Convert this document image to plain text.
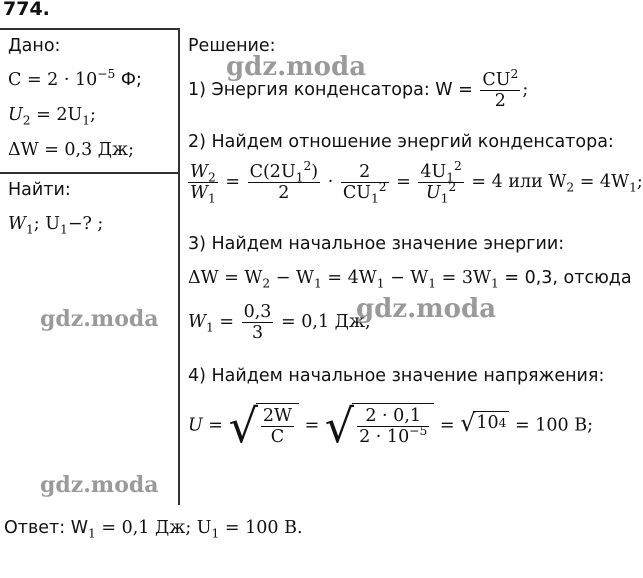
774.
Дано:
$C = 2 \cdot 10^{-5}$ Ф;
$U_2 = 2U_1$;
ΔW = 0,3 Дж;
Найти:
$W_1$; $U_1-$? ;
Решение:
1) Энергия конденсатора: $W = \frac{CU^2}{2}$ ;
2) Найдем отношение энергий конденсатора:
$\frac{W_2}{W_1} = \frac{C(2U_1^2)}{2} \cdot \frac{2}{CU_1^2} = \frac{4U_1^2}{U_1^2} = 4$ или $W_2 = 4W_1$;
3) Найдем начальное значение энергии:
$\Delta W = W_2 - W_1 = 4W_1 - W_1 = 3W_1 = 0,3$, отсюда
$W_1 = \frac{0,3}{3} = 0,1$ Дж;
4) Найдем начальное значение напряжения:
U = √ $\frac{2W}{C}$ = √ $\frac{2 \cdot 0,1}{2 \cdot 10^{-5}}$ = √ 10 4 = 100 В;
Ответ: $W_1 = 0,1$ Дж; $U_1 = 100$ В.
gdz.moda
gdz.moda	gdz.moda
gdz.moda
